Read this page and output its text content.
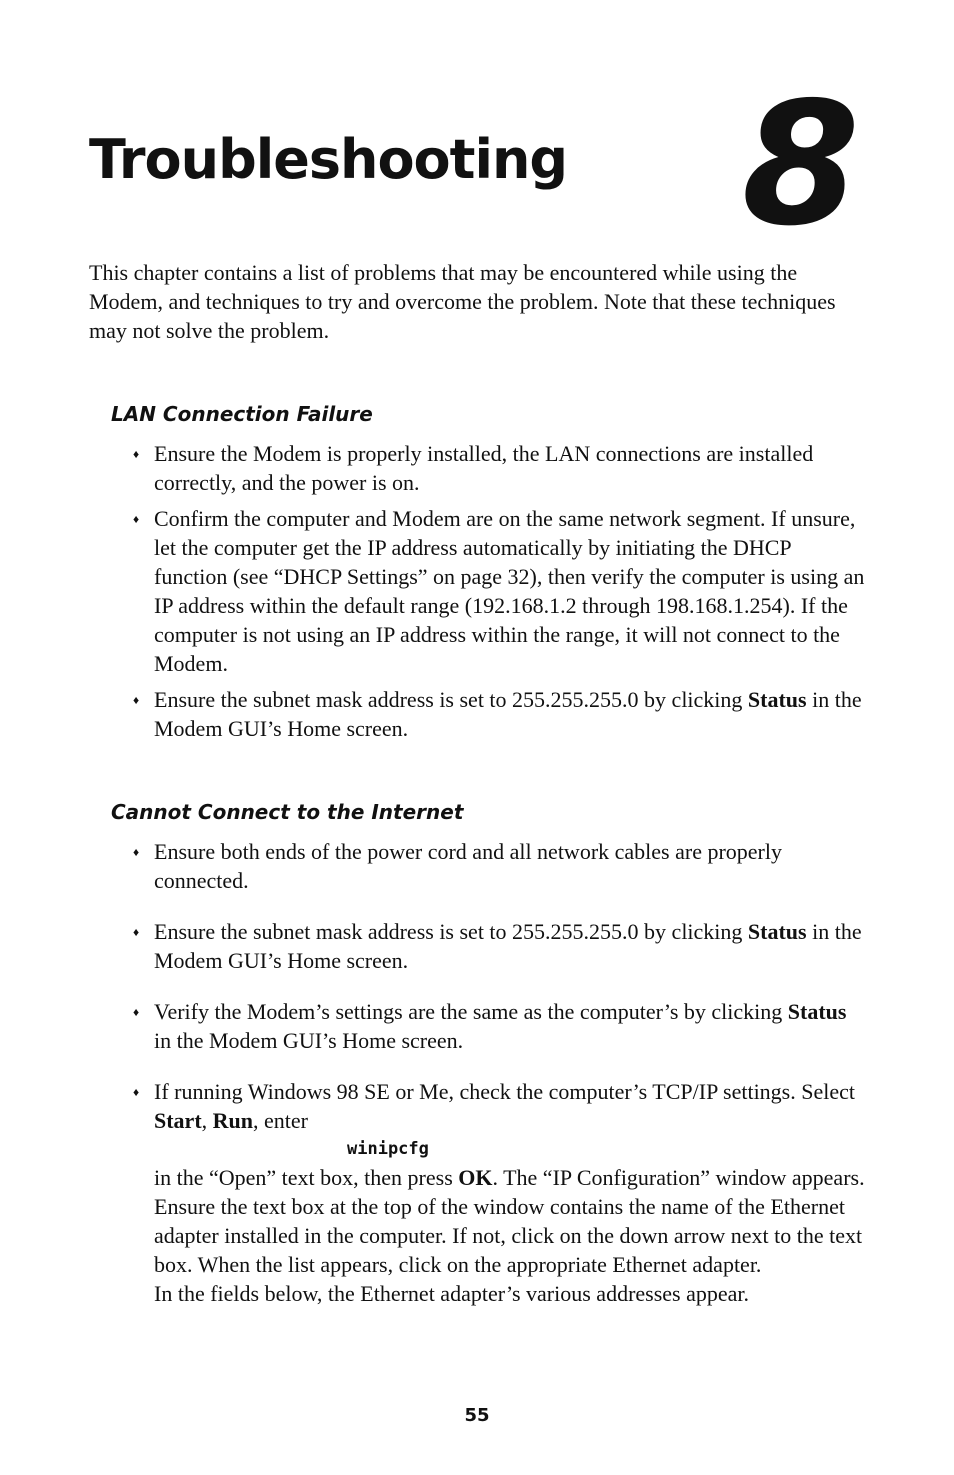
Troubleshooting 8

This chapter contains a list of problems that may be encountered while using the Modem, and techniques to try and overcome the problem. Note that these techniques may not solve the problem.

LAN Connection Failure
♦ Ensure the Modem is properly installed, the LAN connections are installed correctly, and the power is on.
♦ Confirm the computer and Modem are on the same network segment. If unsure, let the computer get the IP address automatically by initiating the DHCP function (see “DHCP Settings” on page 32), then verify the computer is using an IP address within the default range (192.168.1.2 through 198.168.1.254). If the computer is not using an IP address within the range, it will not connect to the Modem.
♦ Ensure the subnet mask address is set to 255.255.255.0 by clicking Status in the Modem GUI’s Home screen.
Cannot Connect to the Internet
♦ Ensure both ends of the power cord and all network cables are properly connected.
♦ Ensure the subnet mask address is set to 255.255.255.0 by clicking Status in the Modem GUI’s Home screen.
♦ Verify the Modem’s settings are the same as the computer’s by clicking Status in the Modem GUI’s Home screen.
♦ If running Windows 98 SE or Me, check the computer’s TCP/IP settings. Select Start, Run, enter
winipcfg
in the “Open” text box, then press OK. The “IP Configuration” window appears. Ensure the text box at the top of the window contains the name of the Ethernet adapter installed in the computer. If not, click on the down arrow next to the text box. When the list appears, click on the appropriate Ethernet adapter.
In the fields below, the Ethernet adapter’s various addresses appear.
55
